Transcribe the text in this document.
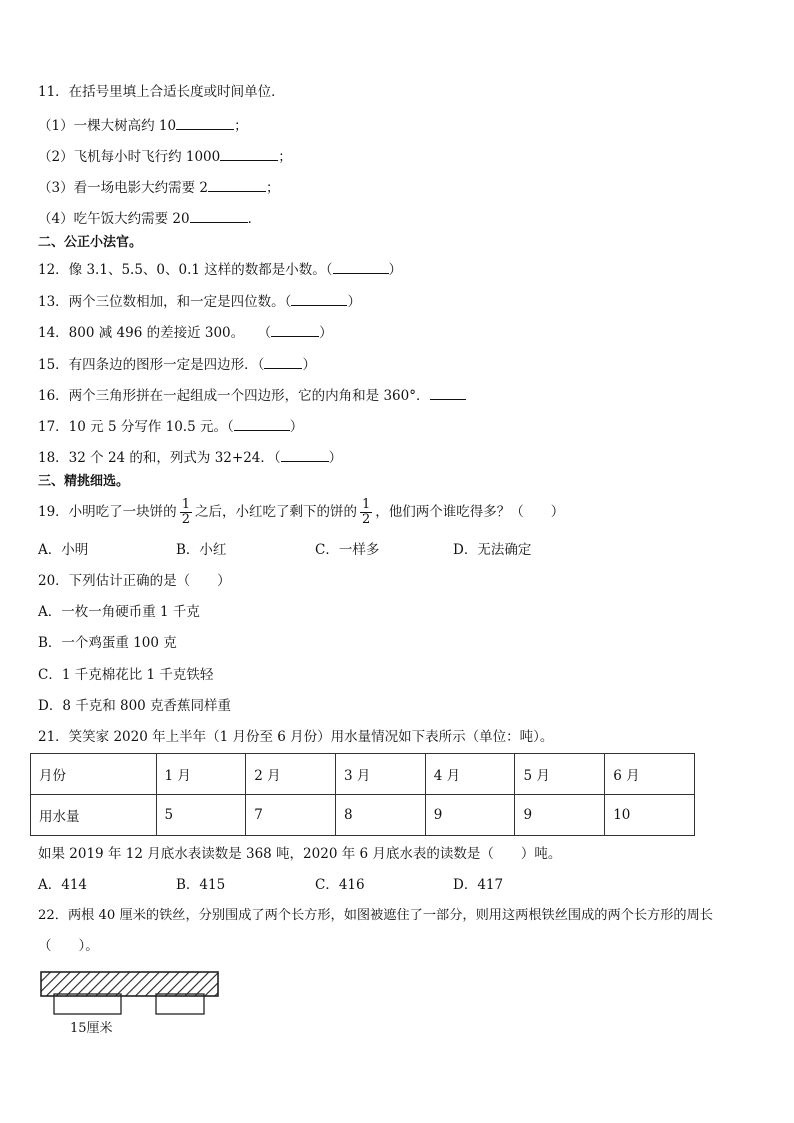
11．在括号里填上合适长度或时间单位．
（1）一棵大树高约 10	；
（2）飞机每小时飞行约 1000	；
（3）看一场电影大约需要 2	；
（4）吃午饭大约需要 20	．
二、公正小法官。
12．像 3.1、5.5、0、0.1 这样的数都是小数。（	）
13．两个三位数相加，和一定是四位数。（	）
14．800 减 496 的差接近 300。　　（	）
15．有四条边的图形一定是四边形．（	）
16．两个三角形拼在一起组成一个四边形，它的内角和是 360°．
17．10 元 5 分写作 10.5 元。（	）
18．32 个 24 的和，列式为 32+24．（	）
三、精挑细选。
19．小明吃了一块饼的 $\frac{1}{2}$ 之后，小红吃了剩下的饼的 $\frac{1}{2}$ ，他们两个谁吃得多？（　　）
A．小明	B．小红	C．一样多	D．无法确定
20．下列估计正确的是（　　）
A．一枚一角硬币重 1 千克
B．一个鸡蛋重 100 克
C．1 千克棉花比 1 千克铁轻
D．8 千克和 800 克香蕉同样重
21．笑笑家 2020 年上半年（1 月份至 6 月份）用水量情况如下表所示（单位：吨）。
月份	1 月	2 月	3 月	4 月	5 月	6 月
用水量	5	7	8	9	9	10
如果 2019 年 12 月底水表读数是 368 吨，2020 年 6 月底水表的读数是（　　）吨。
A．414	B．415	C．416	D．417
22．两根 40 厘米的铁丝，分别围成了两个长方形，如图被遮住了一部分，则用这两根铁丝围成的两个长方形的周长
（　　）。
15厘米
